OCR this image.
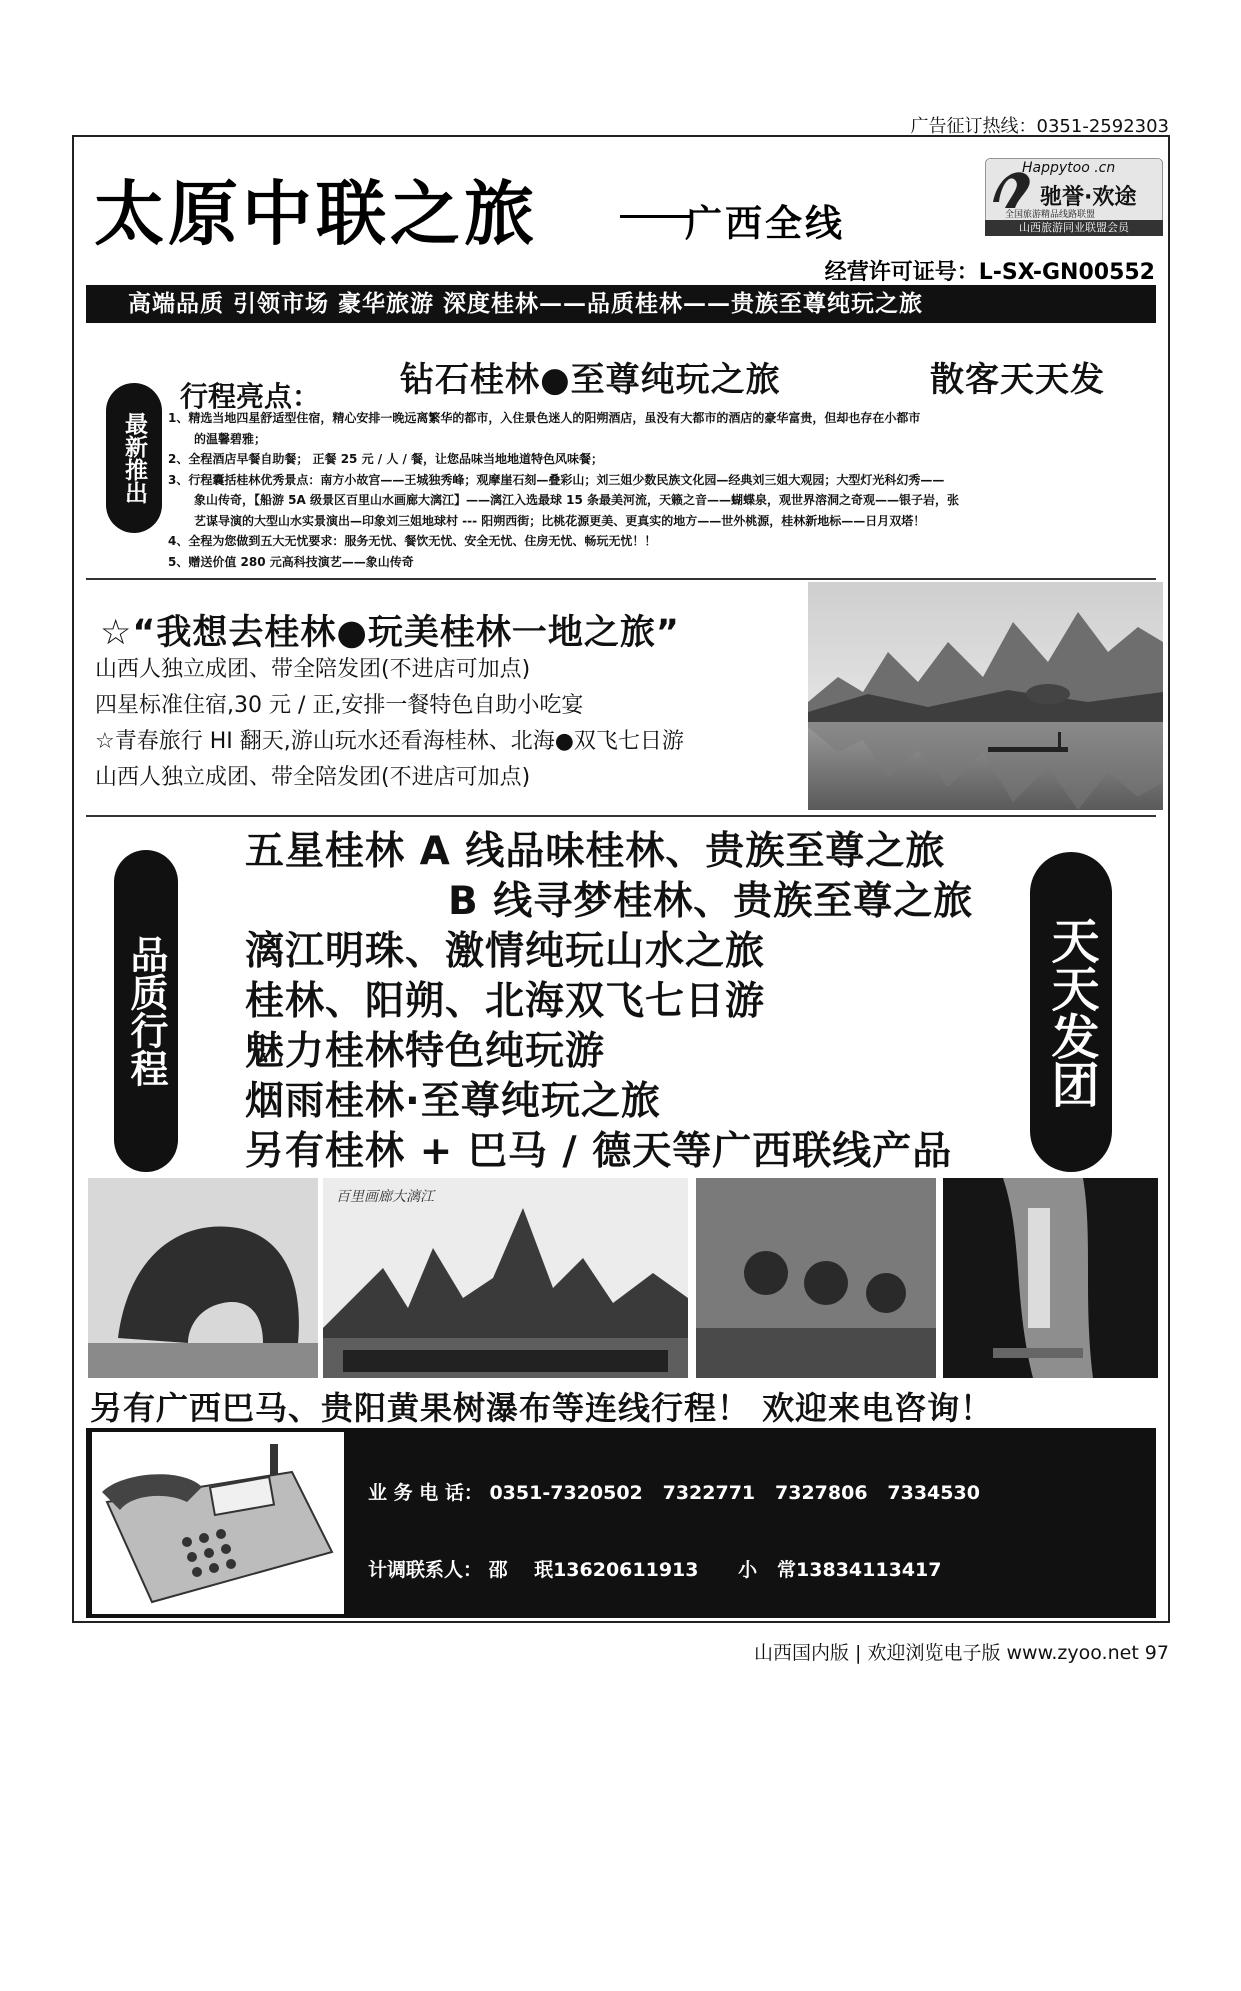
广告征订热线：0351-2592303
太原中联之旅	广西全线
Happytoo .cn
驰誉·欢途
全国旅游精品线路联盟
山西旅游同业联盟会员
经营许可证号：L-SX-GN00552
高端品质 引领市场 豪华旅游 深度桂林——品质桂林——贵族至尊纯玩之旅
最新推出
行程亮点： 钻石桂林●至尊纯玩之旅	散客天天发
1、精选当地四星舒适型住宿，精心安排一晚远离繁华的都市，入住景色迷人的阳朔酒店，虽没有大都市的酒店的豪华富贵，但却也存在小都市
的温馨碧雅；
2、全程酒店早餐自助餐； 正餐 25 元 / 人 / 餐，让您品味当地地道特色风味餐；
3、行程囊括桂林优秀景点：南方小故宫——王城独秀峰；观摩崖石刻—叠彩山；刘三姐少数民族文化园—经典刘三姐大观园；大型灯光科幻秀——
象山传奇，【船游 5A 级景区百里山水画廊大漓江】——漓江入选最球 15 条最美河流，天籁之音——蝴蝶泉，观世界溶洞之奇观——银子岩，张
艺谋导演的大型山水实景演出—印象刘三姐地球村 --- 阳朔西街；比桃花源更美、更真实的地方——世外桃源，桂林新地标——日月双塔！
4、全程为您做到五大无忧要求：服务无忧、餐饮无忧、安全无忧、住房无忧、畅玩无忧！！
5、赠送价值 280 元高科技演艺——象山传奇
☆“我想去桂林●玩美桂林一地之旅”
山西人独立成团、带全陪发团(不进店可加点)
四星标准住宿,30 元 / 正,安排一餐特色自助小吃宴
☆青春旅行 HI 翻天,游山玩水还看海桂林、北海●双飞七日游
山西人独立成团、带全陪发团(不进店可加点)
品质行程	天天发团
五星桂林 A 线品味桂林、贵族至尊之旅
B 线寻梦桂林、贵族至尊之旅
漓江明珠、激情纯玩山水之旅
桂林、阳朔、北海双飞七日游
魅力桂林特色纯玩游
烟雨桂林·至尊纯玩之旅
另有桂林 + 巴马 / 德天等广西联线产品
百里画廊大漓江
另有广西巴马、贵阳黄果树瀑布等连线行程！ 欢迎来电咨询！

业 务 电 话： 0351-7320502   7322771   7327806   7334530

计调联系人： 邵    珉13620611913      小   常13834113417

小   郝15698410821      李   娜15934144590

业务联系人： 左晓东13835198546      安子毅13663614569

李肇基18603453422      韩国建15234017090

工作QQ： 66904776   646913809   1773387812

团队服务质量监督： 杨敏13994276003

山西国内版 | 欢迎浏览电子版 www.zyoo.net 97
